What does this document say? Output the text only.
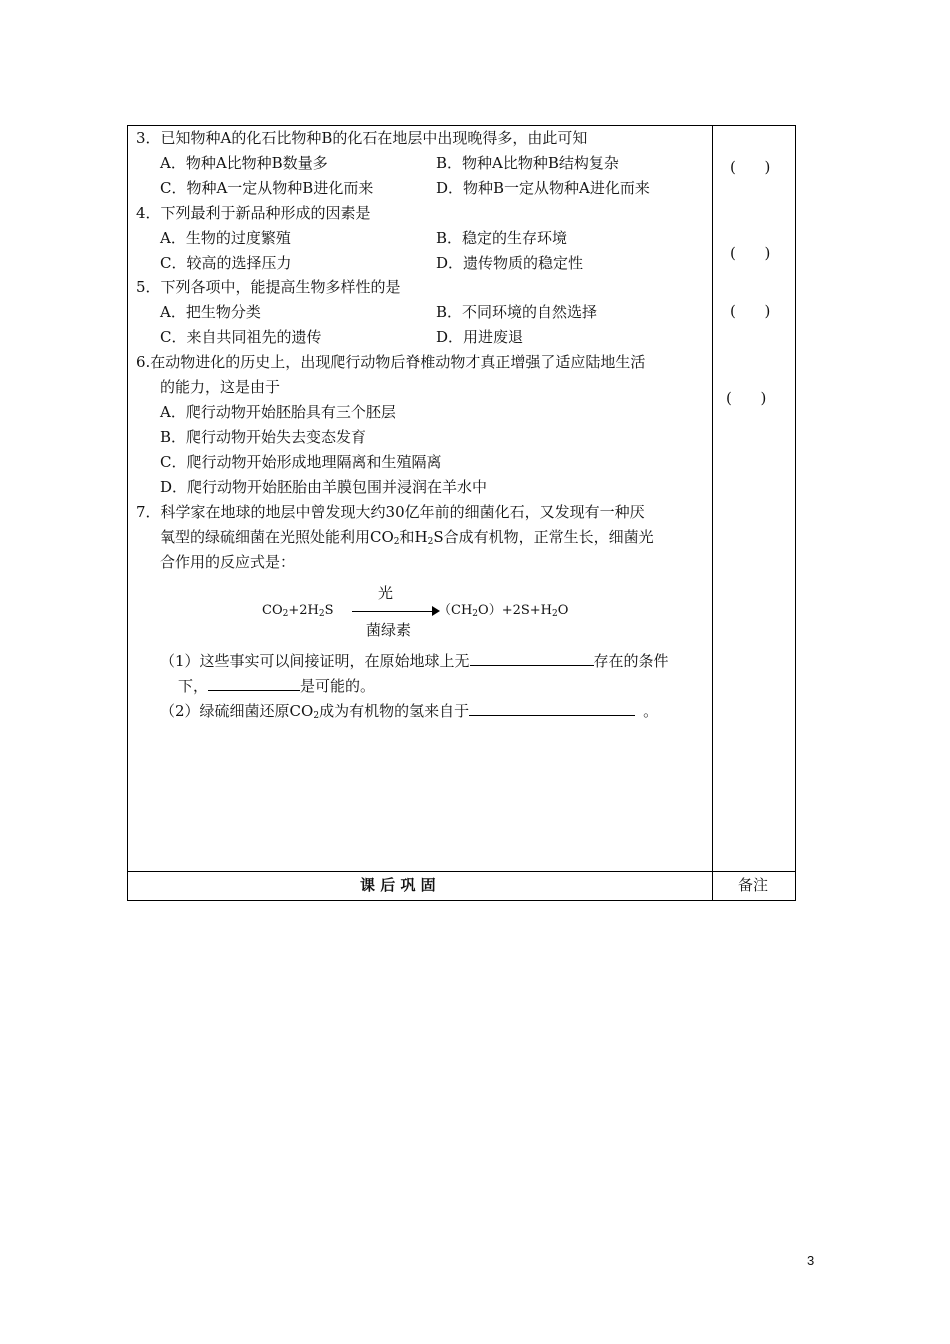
3．已知物种A的化石比物种B的化石在地层中出现晚得多，由此可知
A．物种A比物种B数量多	B．物种A比物种B结构复杂
C．物种A一定从物种B进化而来	D．物种B一定从物种A进化而来
(      )
4．下列最利于新品种形成的因素是
A．生物的过度繁殖	B．稳定的生存环境
C．较高的选择压力	D．遗传物质的稳定性
(      )
5．下列各项中，能提高生物多样性的是
A．把生物分类	B．不同环境的自然选择
C．来自共同祖先的遗传	D．用进废退
(      )
6.在动物进化的历史上，出现爬行动物后脊椎动物才真正增强了适应陆地生活
的能力，这是由于
A．爬行动物开始胚胎具有三个胚层
B．爬行动物开始失去变态发育
C．爬行动物开始形成地理隔离和生殖隔离
D．爬行动物开始胚胎由羊膜包围并浸润在羊水中
(      )
7．科学家在地球的地层中曾发现大约30亿年前的细菌化石，又发现有一种厌
氧型的绿硫细菌在光照处能利用$CO_2$和$H_2S$合成有机物，正常生长，细菌光
合作用的反应式是：
$CO_2+2H_2S$
光
菌绿素
$(CH_2O)+2S+H_2O$
（1）这些事实可以间接证明，在原始地球上无	存在的条件
下，	是可能的。
（2）绿硫细菌还原$CO_2$成为有机物的氢来自于	。
课 后 巩 固	备注
3
